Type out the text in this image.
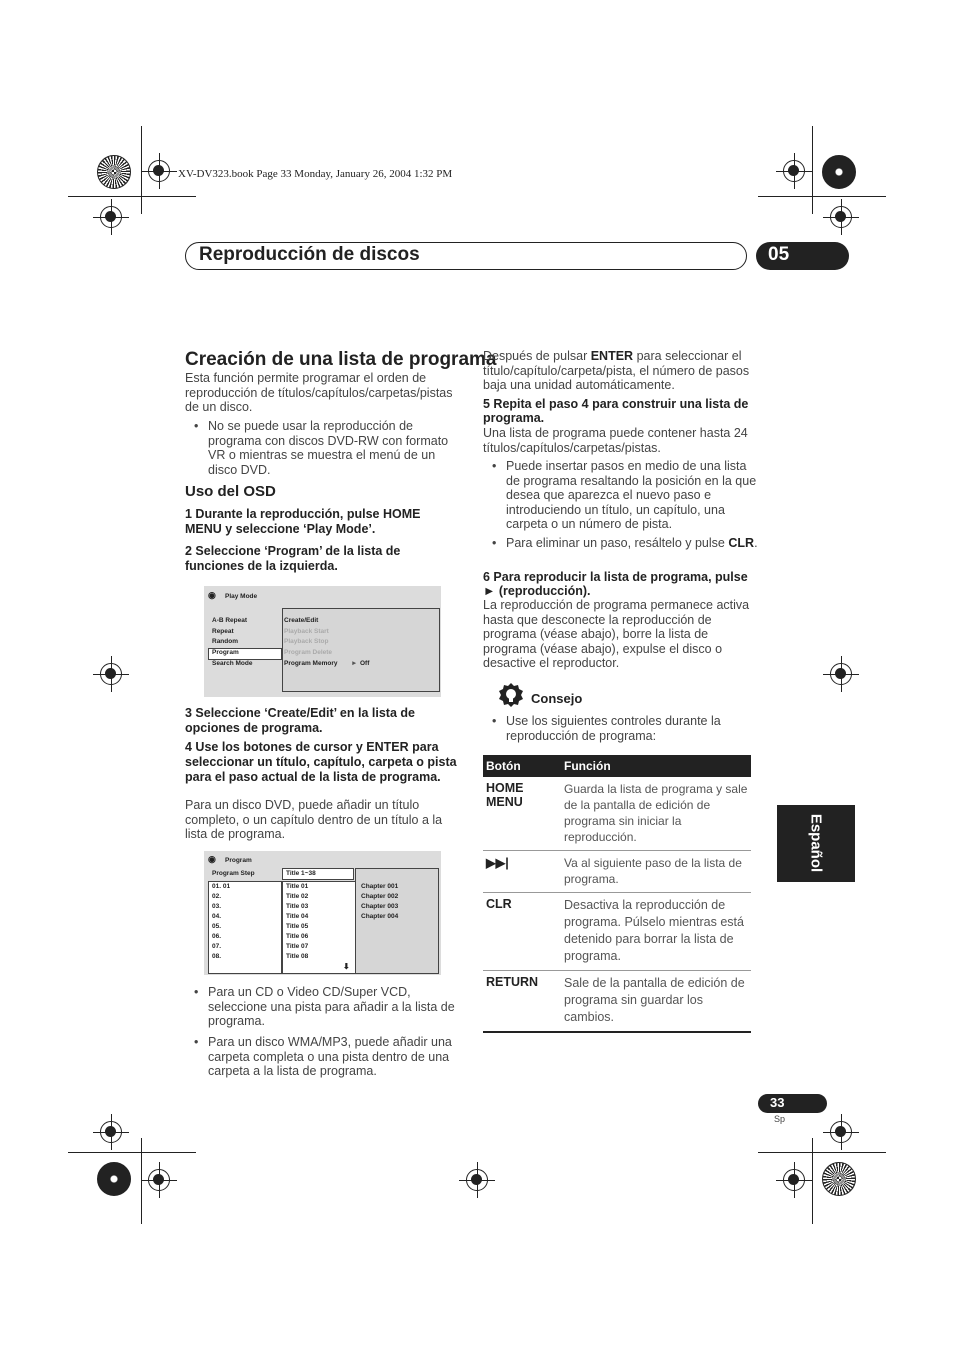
XV-DV323.book Page 33 Monday, January 26, 2004 1:32 PM
Reproducción de discos	05
Español
Creación de una lista de programa
Esta función permite programar el orden de reproducción de títulos/capítulos/carpetas/pistas de un disco.
• No se puede usar la reproducción de programa con discos DVD-RW con formato VR o mientras se muestra el menú de un disco DVD.
Uso del OSD
1 Durante la reproducción, pulse HOME MENU y seleccione ‘Play Mode’.
2 Seleccione ‘Program’ de la lista de funciones de la izquierda.
◉ Play Mode
A-B Repeat
Repeat
Random
Program
Search Mode
Create/Edit
Playback Start
Playback Stop
Program Delete
Program Memory ► Off
3 Seleccione ‘Create/Edit’ en la lista de opciones de programa.
4 Use los botones de cursor y ENTER para seleccionar un título, capítulo, carpeta o pista para el paso actual de la lista de programa.
Para un disco DVD, puede añadir un título completo, o un capítulo dentro de un título a la lista de programa.
◉ Program
Program Step	Title 1~38
01. 01
02.
03.
04.
05.
06.
07.
08.
Title 01
Title 02
Title 03
Title 04
Title 05
Title 06
Title 07
Title 08
Chapter 001
Chapter 002
Chapter 003
Chapter 004
⬇
• Para un CD o Video CD/Super VCD, seleccione una pista para añadir a la lista de programa.
• Para un disco WMA/MP3, puede añadir una carpeta completa o una pista dentro de una carpeta a la lista de programa.
Después de pulsar ENTER para seleccionar el título/capítulo/carpeta/pista, el número de pasos baja una unidad automáticamente.
5 Repita el paso 4 para construir una lista de programa.
Una lista de programa puede contener hasta 24 títulos/capítulos/carpetas/pistas.
• Puede insertar pasos en medio de una lista de programa resaltando la posición en la que desea que aparezca el nuevo paso e introduciendo un título, un capítulo, una carpeta o un número de pista.
• Para eliminar un paso, resáltelo y pulse CLR.
6 Para reproducir la lista de programa, pulse ► (reproducción).
La reproducción de programa permanece activa hasta que desconecte la reproducción de programa (véase abajo), borre la lista de programa (véase abajo), expulse el disco o desactive el reproductor.
Consejo
• Use los siguientes controles durante la reproducción de programa:
Botón	Función
HOME MENU	Guarda la lista de programa y sale de la pantalla de edición de programa sin iniciar la reproducción.
▶▶|	Va al siguiente paso de la lista de programa.
CLR	Desactiva la reproducción de programa. Púlselo mientras está detenido para borrar la lista de programa.
RETURN	Sale de la pantalla de edición de programa sin guardar los cambios.
33
Sp
